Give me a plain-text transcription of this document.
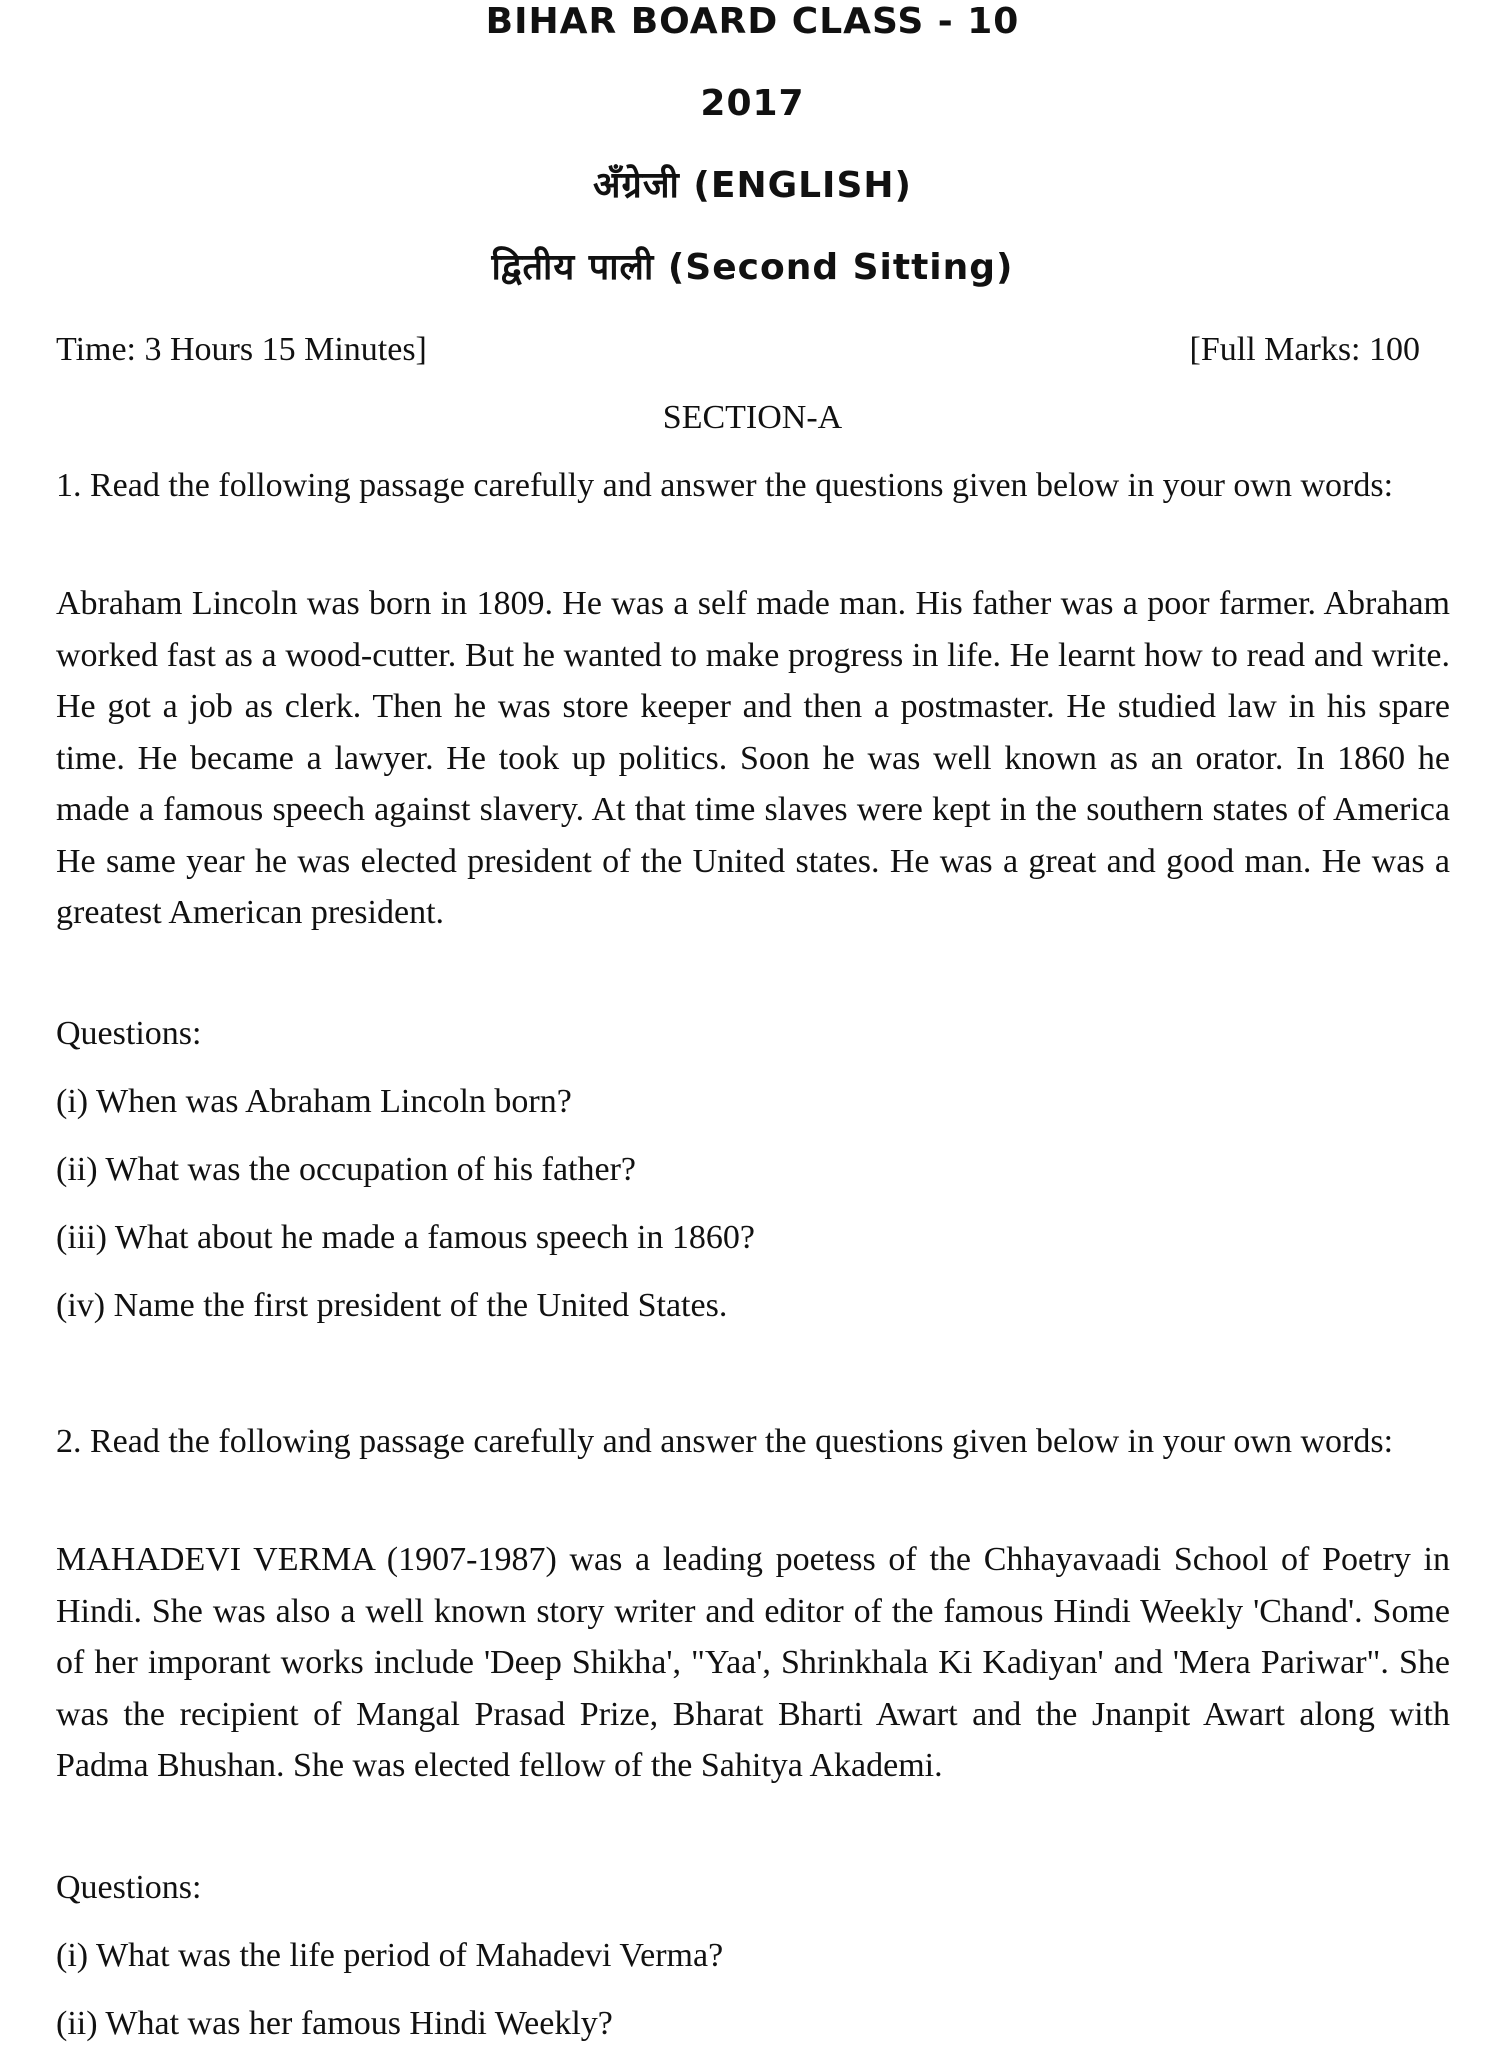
BIHAR BOARD CLASS - 10
2017
अँग्रेजी (ENGLISH)
द्वितीय पाली (Second Sitting)
Time: 3 Hours 15 Minutes]	[Full Marks: 100
SECTION-A
1. Read the following passage carefully and answer the questions given below in your own words:
Abraham Lincoln was born in 1809. He was a self made man. His father was a poor farmer. Abraham worked fast as a wood-cutter. But he wanted to make progress in life. He learnt how to read and write. He got a job as clerk. Then he was store keeper and then a postmaster. He studied law in his spare time. He became a lawyer. He took up politics. Soon he was well known as an orator. In 1860 he made a famous speech against slavery. At that time slaves were kept in the southern states of America He same year he was elected president of the United states. He was a great and good man. He was a greatest American president.
Questions:
(i) When was Abraham Lincoln born?
(ii) What was the occupation of his father?
(iii) What about he made a famous speech in 1860?
(iv) Name the first president of the United States.
2. Read the following passage carefully and answer the questions given below in your own words:
MAHADEVI VERMA (1907-1987) was a leading poetess of the Chhayavaadi School of Poetry in Hindi. She was also a well known story writer and editor of the famous Hindi Weekly 'Chand'. Some of her imporant works include 'Deep Shikha', "Yaa', Shrinkhala Ki Kadiyan' and 'Mera Pariwar". She was the recipient of Mangal Prasad Prize, Bharat Bharti Awart and the Jnanpit Awart along with Padma Bhushan. She was elected fellow of the Sahitya Akademi.
Questions:
(i) What was the life period of Mahadevi Verma?
(ii) What was her famous Hindi Weekly?
